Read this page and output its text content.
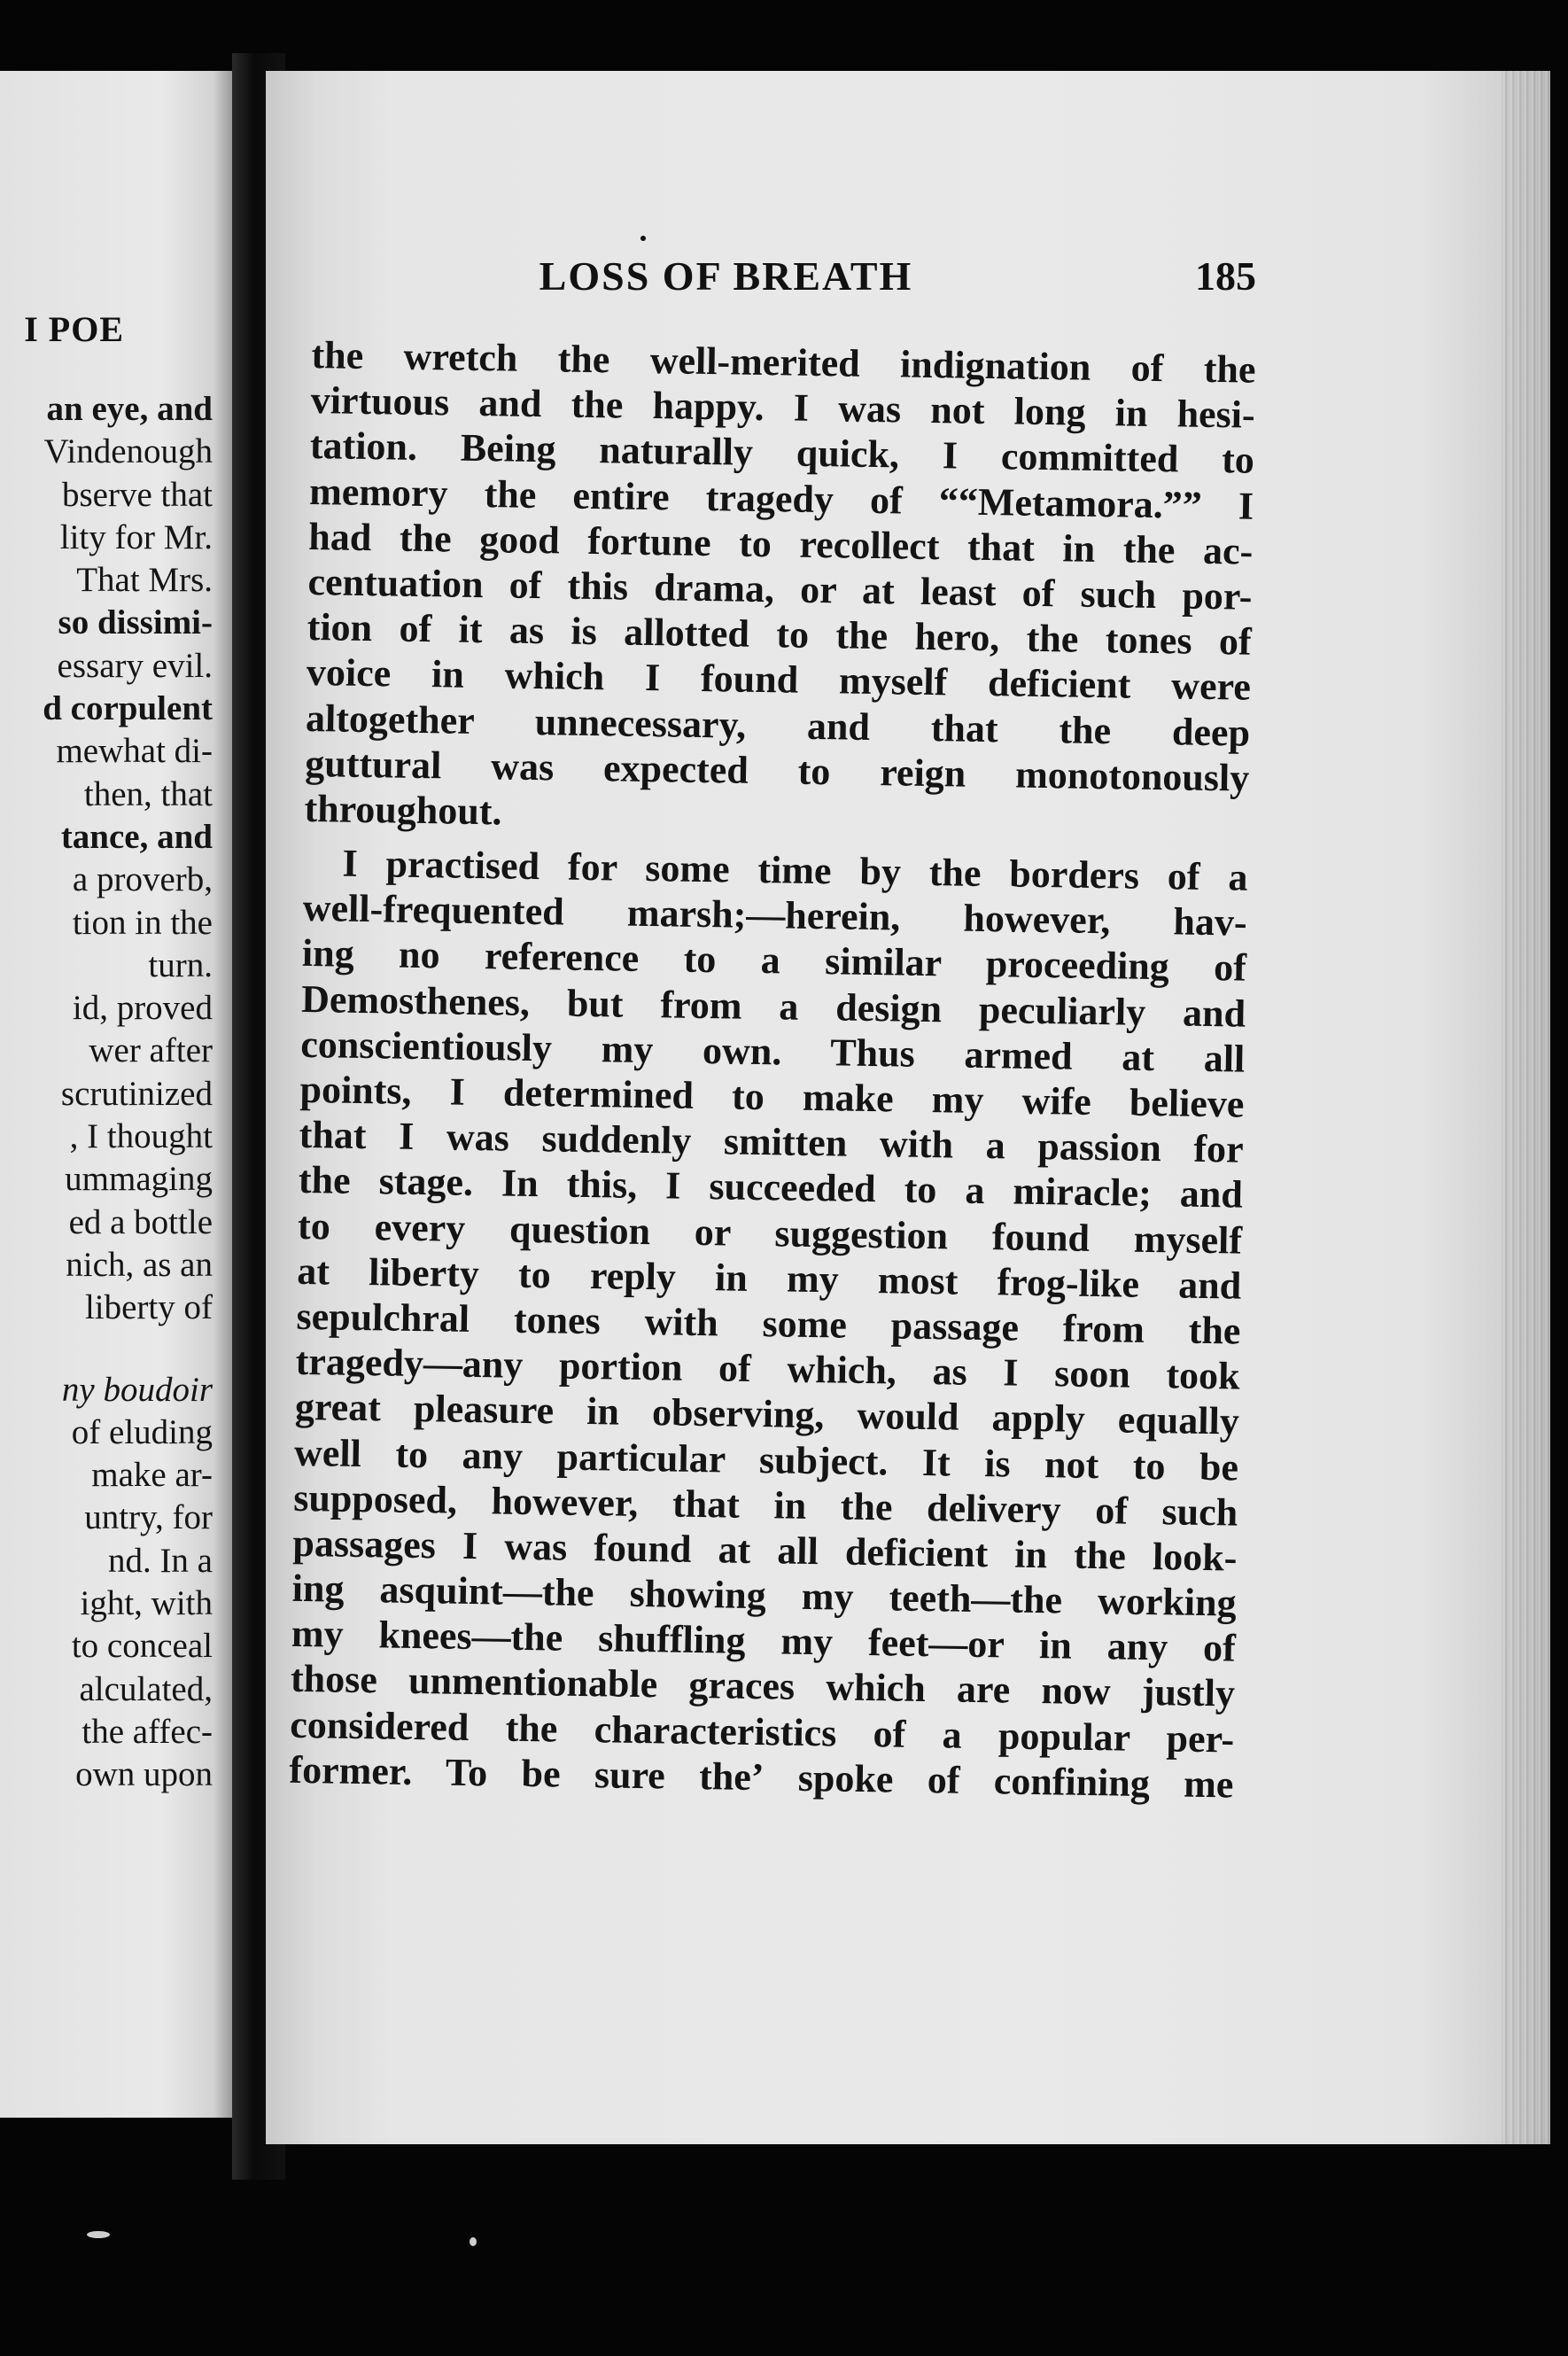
I POE
an eye, and
Vindenough
bserve that
lity for Mr.
That Mrs.
so dissimi-
essary evil.
d corpulent
mewhat di-
then, that
tance, and
a proverb,
tion in the
turn.
id, proved
wer after
scrutinized
, I thought
ummaging
ed a bottle
nich, as an
liberty of
ny boudoir
of eluding
make ar-
untry, for
nd. In a
ight, with
to conceal
alculated,
the affec-
own upon
LOSS OF BREATH	185
the wretch the well-merited indignation of the
virtuous and the happy. I was not long in hesi-
tation. Being naturally quick, I committed to
memory the entire tragedy of ““Metamora.”” I
had the good fortune to recollect that in the ac-
centuation of this drama, or at least of such por-
tion of it as is allotted to the hero, the tones of
voice in which I found myself deficient were
altogether unnecessary, and that the deep
guttural was expected to reign monotonously
throughout.
I practised for some time by the borders of a
well-frequented marsh;—herein, however, hav-
ing no reference to a similar proceeding of
Demosthenes, but from a design peculiarly and
conscientiously my own. Thus armed at all
points, I determined to make my wife believe
that I was suddenly smitten with a passion for
the stage. In this, I succeeded to a miracle; and
to every question or suggestion found myself
at liberty to reply in my most frog-like and
sepulchral tones with some passage from the
tragedy—any portion of which, as I soon took
great pleasure in observing, would apply equally
well to any particular subject. It is not to be
supposed, however, that in the delivery of such
passages I was found at all deficient in the look-
ing asquint—the showing my teeth—the working
my knees—the shuffling my feet—or in any of
those unmentionable graces which are now justly
considered the characteristics of a popular per-
former. To be sure theʼ spoke of confining me
